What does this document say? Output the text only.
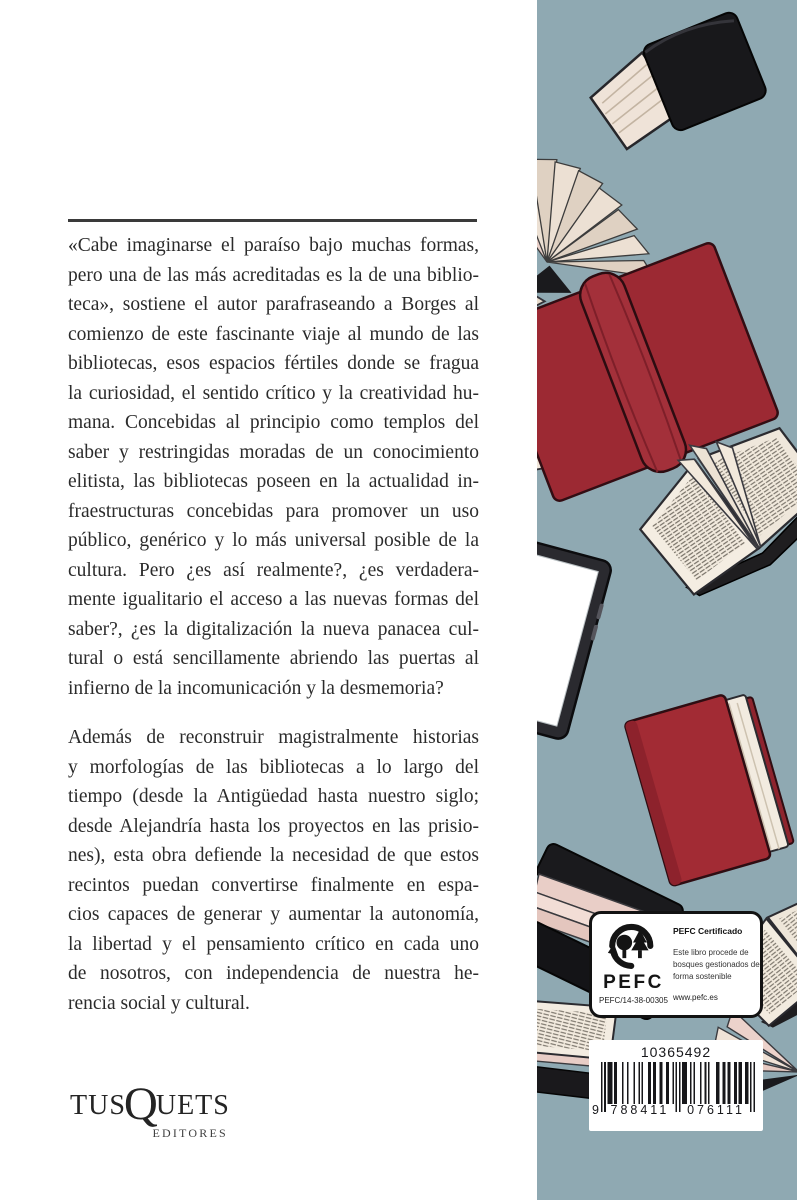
«Cabe imaginarse el paraíso bajo muchas formas,
pero una de las más acreditadas es la de una biblio-
teca», sostiene el autor parafraseando a Borges al
comienzo de este fascinante viaje al mundo de las
bibliotecas, esos espacios fértiles donde se fragua
la curiosidad, el sentido crítico y la creatividad hu-
mana. Concebidas al principio como templos del
saber y restringidas moradas de un conocimiento
elitista, las bibliotecas poseen en la actualidad in-
fraestructuras concebidas para promover un uso
público, genérico y lo más universal posible de la
cultura. Pero ¿es así realmente?, ¿es verdadera-
mente igualitario el acceso a las nuevas formas del
saber?, ¿es la digitalización la nueva panacea cul-
tural o está sencillamente abriendo las puertas al
infierno de la incomunicación y la desmemoria?
Además de reconstruir magistralmente historias
y morfologías de las bibliotecas a lo largo del
tiempo (desde la Antigüedad hasta nuestro siglo;
desde Alejandría hasta los proyectos en las prisio-
nes), esta obra defiende la necesidad de que estos
recintos puedan convertirse finalmente en espa-
cios capaces de generar y aumentar la autonomía,
la libertad y el pensamiento crítico en cada uno
de nosotros, con independencia de nuestra he-
rencia social y cultural.
TUSQUETS
EDITORES
PEFC
PEFC/14-38-00305
PEFC Certificado
Este libro procede de bosques gestionados de forma sostenible
www.pefc.es
10365492
9 788411 076111
